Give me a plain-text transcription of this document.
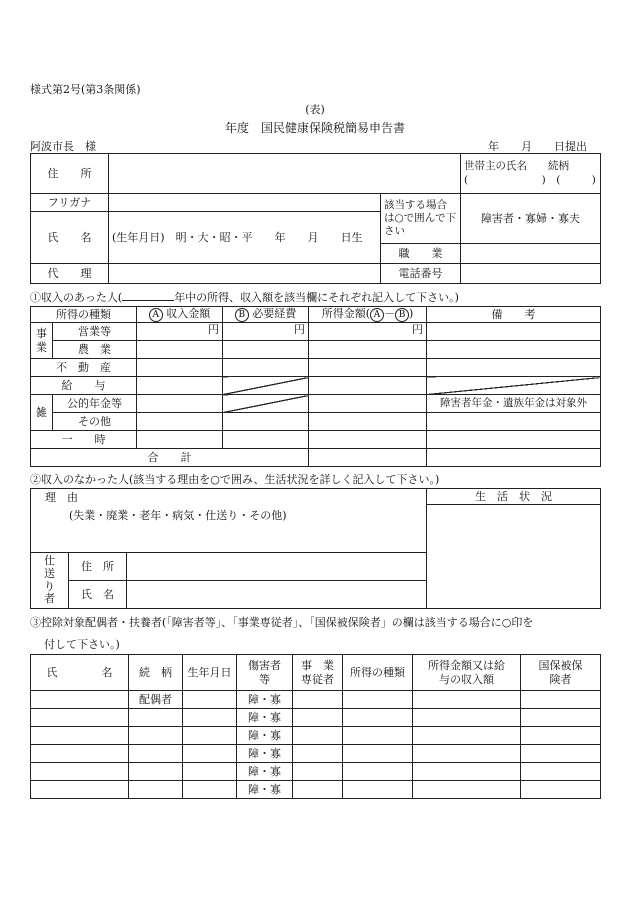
様式第2号(第3条関係)
(表)
年度　国民健康保険税簡易申告書
阿波市長　様	年　　月　　日提出
住　　所			世帯主の氏名　　続柄
(　　　　　　　)　(　　　)

フリガナ		該当する場合は○で囲んで下さい	障害者・寡婦・寡夫
氏　　名	(生年月日)　明・大・昭・平　　年　　月　　日生		
		職　　業	
代　　理		電話番号	
①収入のあった人(	年中の所得、収入額を該当欄にそれぞれ記入して下さい。)
所得の種類		A 収入金額	B 必要経費	所得金額( A － B )	備　　考
事業	営業等	円	円	円	
	農　業				
不　動　産					
給　　与					
雑	公的年金等				障害者年金・遺族年金は対象外
	その他				
一　　時					
合　　計					
②収入のなかった人(該当する理由を○で囲み、生活状況を詳しく記入して下さい。)
理　由
(失業・廃業・老年・病気・仕送り・その他)			生　活　状　況

仕送り者	住　所		
	氏　名		
③控除対象配偶者・扶養者(「障害者等」、「事業専従者」、「国保被保険者」の欄は該当する場合に○印を
付して下さい。)
氏　　　　名	続　柄	生年月日	傷害者等	事　業専従者	所得の種類	所得金額又は給与の収入額	国保被保険者
	配偶者		障・寡				
			障・寡				
			障・寡				
			障・寡				
			障・寡				
			障・寡				
